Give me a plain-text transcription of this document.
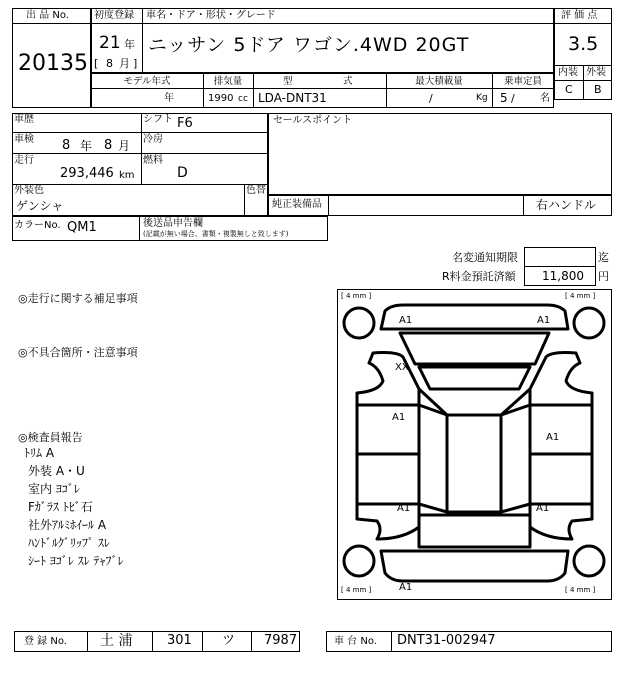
出 品 No.
20135
初度登録 車名・ドア・形状・グレード
21 年
[ 8 月 ]
ニッサン 5ドア ワゴン.4WD 20GT
評 価 点
3.5
内装 外装
C B
モデル年式	排気量	型	式	最大積載量	乗車定員
年	1990 cc LDA-DNT31	/	Kg 5 /	名
車歴	シフト F6
車検 8 年 8 月 冷房
走行
293,446 km
燃料
D
外装色
ゲンシャ
色替
カラーNo. QM1	後送品申告欄
(記載が無い場合、書類・複製無しと致します)
セールスポイント
純正装備品	右ハンドル
名変通知期限	迄
R料金預託済額 11,800 円
◎走行に関する補足事項
◎不具合箇所・注意事項
◎検査員報告
ﾄﾘﾑ A
外装 A・U
室内 ﾖｺﾞﾚ
Fｶﾞﾗｽ ﾄﾋﾞ石
社外ｱﾙﾐﾎｲｰﾙ A
ﾊﾝﾄﾞﾙｸﾞﾘｯﾌﾟ ｽﾚ
ｼｰﾄ ﾖｺﾞﾚ ｽﾚ ﾃｬﾌﾞﾚ
[ 4 mm ]	[ 4 mm ]
[ 4 mm ]	[ 4 mm ]
A1	A1
XX
A1
A1
A1	A1
A1
登 録 No. 土 浦	301 ツ 7987	車 台 No. DNT31-002947
